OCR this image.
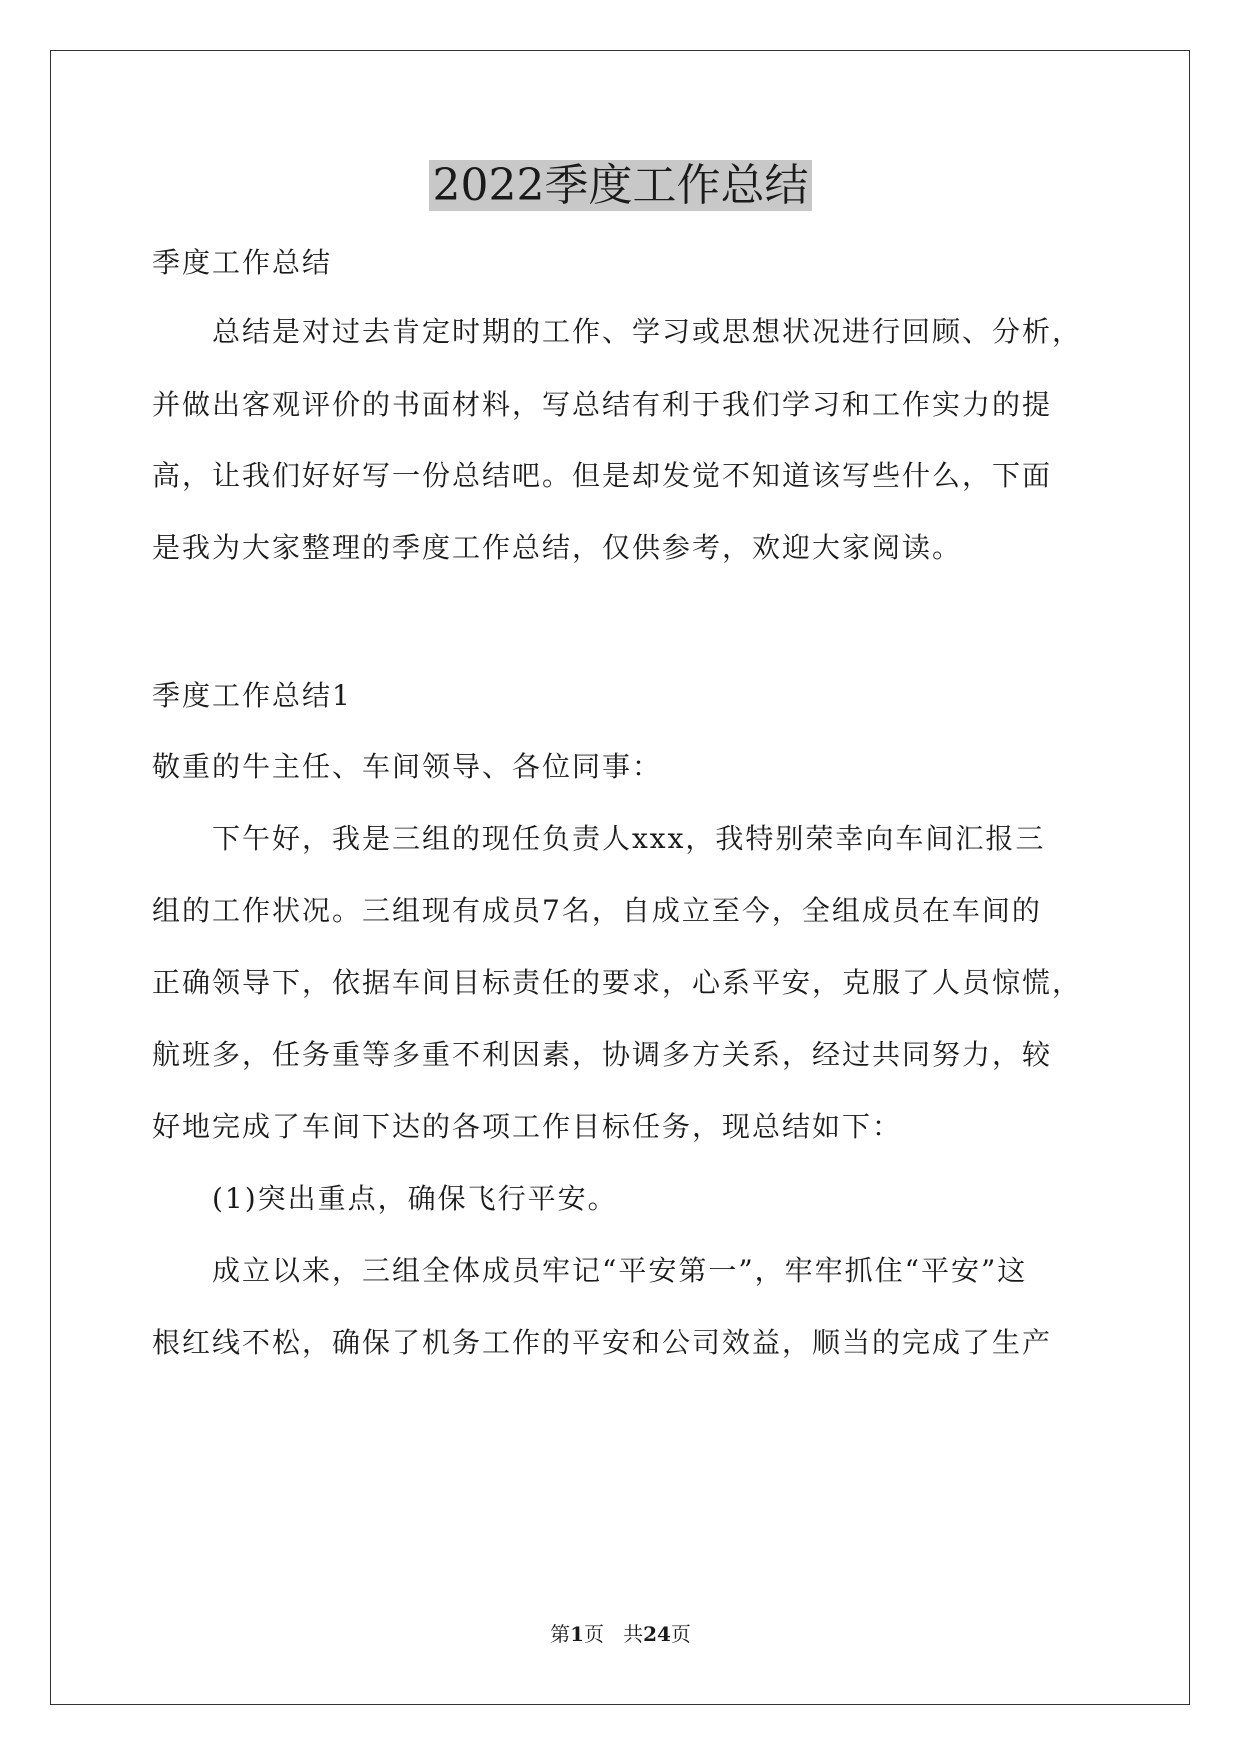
2022季度工作总结
季度工作总结
总结是对过去肯定时期的工作、学习或思想状况进行回顾、分析，
并做出客观评价的书面材料，写总结有利于我们学习和工作实力的提
高，让我们好好写一份总结吧。但是却发觉不知道该写些什么，下面
是我为大家整理的季度工作总结，仅供参考，欢迎大家阅读。
季度工作总结1
敬重的牛主任、车间领导、各位同事：
下午好，我是三组的现任负责人xxx，我特别荣幸向车间汇报三
组的工作状况。三组现有成员7名，自成立至今，全组成员在车间的
正确领导下，依据车间目标责任的要求，心系平安，克服了人员惊慌，
航班多，任务重等多重不利因素，协调多方关系，经过共同努力，较
好地完成了车间下达的各项工作目标任务，现总结如下：
(1)突出重点，确保飞行平安。
成立以来，三组全体成员牢记“平安第一”，牢牢抓住“平安”这
根红线不松，确保了机务工作的平安和公司效益，顺当的完成了生产
第1页 共24页
